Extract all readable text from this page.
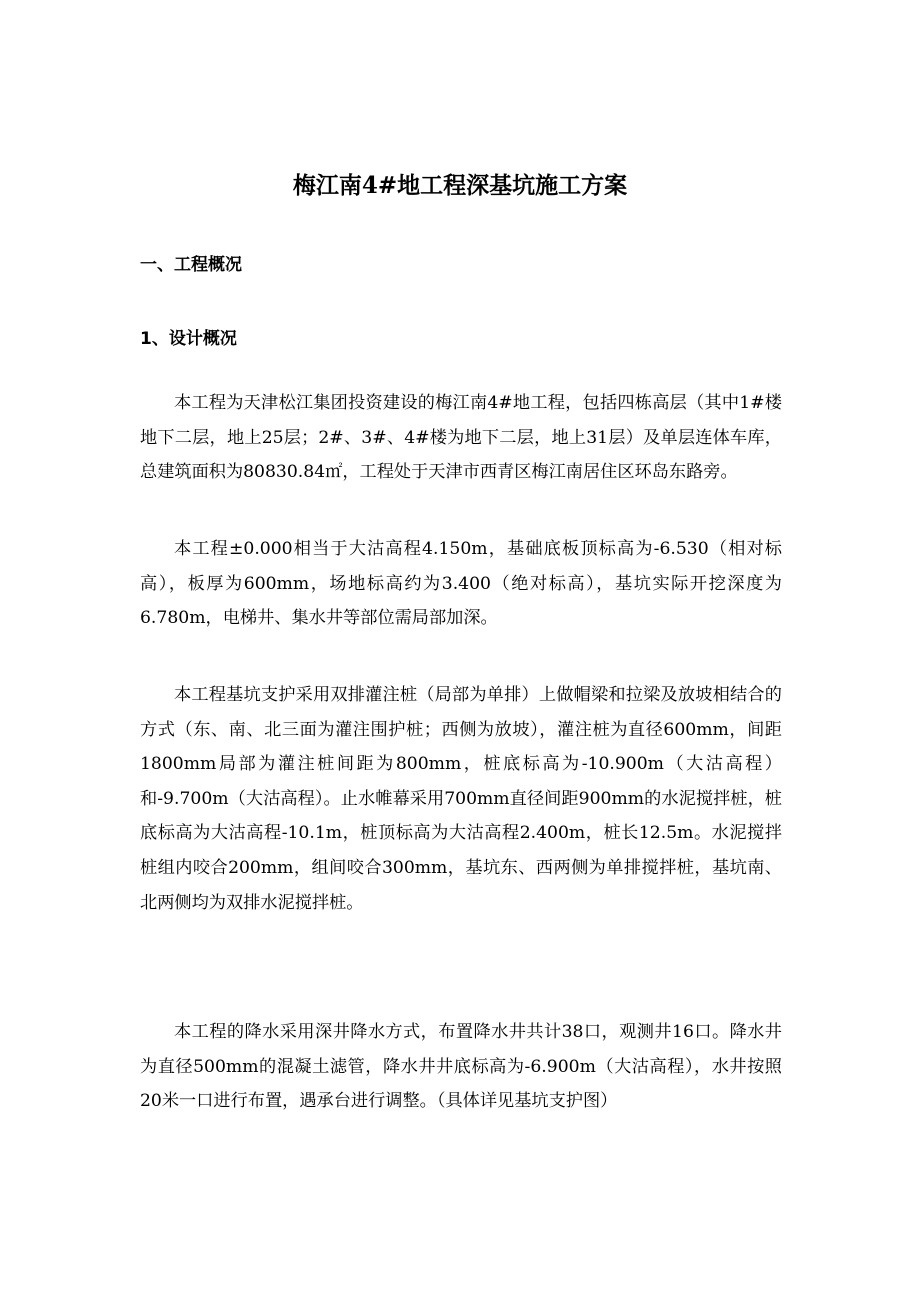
梅江南4#地工程深基坑施工方案
一、工程概况
1、设计概况

本工程为天津松江集团投资建设的梅江南4#地工程，包括四栋高层（其中1#楼地下二层，地上25层；2#、3#、4#楼为地下二层，地上31层）及单层连体车库，总建筑面积为80830.84㎡，工程处于天津市西青区梅江南居住区环岛东路旁。

本工程±0.000相当于大沽高程4.150m，基础底板顶标高为-6.530（相对标高），板厚为600mm，场地标高约为3.400（绝对标高），基坑实际开挖深度为6.780m，电梯井、集水井等部位需局部加深。

本工程基坑支护采用双排灌注桩（局部为单排）上做帽梁和拉梁及放坡相结合的方式（东、南、北三面为灌注围护桩；西侧为放坡），灌注桩为直径600mm，间距1800mm局部为灌注桩间距为800mm，桩底标高为-10.900m（大沽高程）和-9.700m（大沽高程）。止水帷幕采用700mm直径间距900mm的水泥搅拌桩，桩底标高为大沽高程-10.1m，桩顶标高为大沽高程2.400m，桩长12.5m。水泥搅拌桩组内咬合200mm，组间咬合300mm，基坑东、西两侧为单排搅拌桩，基坑南、北两侧均为双排水泥搅拌桩。

本工程的降水采用深井降水方式，布置降水井共计38口，观测井16口。降水井为直径500mm的混凝土滤管，降水井井底标高为-6.900m（大沽高程），水井按照20米一口进行布置，遇承台进行调整。（具体详见基坑支护图）
